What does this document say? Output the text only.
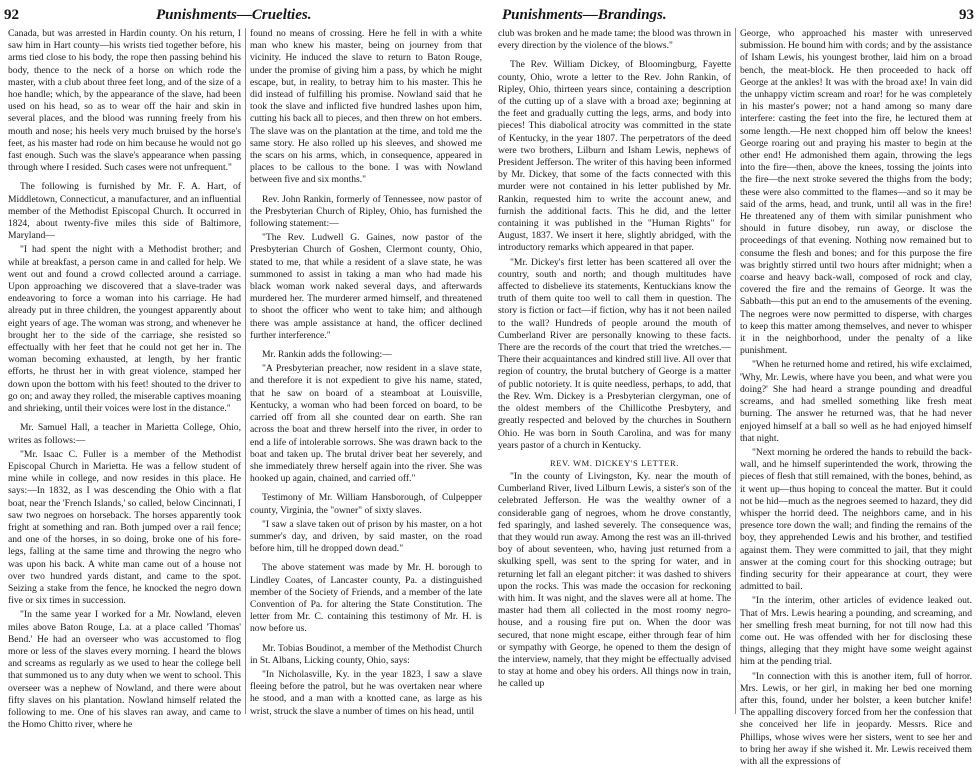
92	Punishments—Cruelties.

Canada, but was arrested in Hardin county. On his return, I saw him in Hart county—his wrists tied together before, his arms tied close to his body, the rope then passing behind his body, thence to the neck of a horse on which rode the master, with a club about three feet long, and of the size of a hoe handle; which, by the appearance of the slave, had been used on his head, so as to wear off the hair and skin in several places, and the blood was running freely from his mouth and nose; his heels very much bruised by the horse's feet, as his master had rode on him because he would not go fast enough. Such was the slave's appearance when passing through where I resided. Such cases were not unfrequent."

The following is furnished by Mr. F. A. Hart, of Middletown, Connecticut, a manufacturer, and an influential member of the Methodist Episcopal Church. It occurred in 1824, about twenty-five miles this side of Baltimore, Maryland—

"I had spent the night with a Methodist brother; and while at breakfast, a person came in and called for help. We went out and found a crowd collected around a carriage. Upon approaching we discovered that a slave-trader was endeavoring to force a woman into his carriage. He had already put in three children, the youngest apparently about eight years of age. The woman was strong, and whenever he brought her to the side of the carriage, she resisted so effectually with her feet that he could not get her in. The woman becoming exhausted, at length, by her frantic efforts, he thrust her in with great violence, stamped her down upon the bottom with his feet! shouted to the driver to go on; and away they rolled, the miserable captives moaning and shrieking, until their voices were lost in the distance."

Mr. Samuel Hall, a teacher in Marietta College, Ohio, writes as follows:—

"Mr. Isaac C. Fuller is a member of the Methodist Episcopal Church in Marietta. He was a fellow student of mine while in college, and now resides in this place. He says:—In 1832, as I was descending the Ohio with a flat boat, near the 'French Islands,' so called, below Cincinnati, I saw two negroes on horseback. The horses apparently took fright at something and ran. Both jumped over a rail fence; and one of the horses, in so doing, broke one of his fore-legs, falling at the same time and throwing the negro who was upon his back. A white man came out of a house not over two hundred yards distant, and came to the spot. Seizing a stake from the fence, he knocked the negro down five or six times in succession.

"In the same year I worked for a Mr. Nowland, eleven miles above Baton Rouge, La. at a place called 'Thomas' Bend.' He had an overseer who was accustomed to flog more or less of the slaves every morning. I heard the blows and screams as regularly as we used to hear the college bell that summoned us to any duty when we went to school. This overseer was a nephew of Nowland, and there were about fifty slaves on his plantation. Nowland himself related the following to me. One of his slaves ran away, and came to the Homo Chitto river, where he

found no means of crossing. Here he fell in with a white man who knew his master, being on journey from that vicinity. He induced the slave to return to Baton Rouge, under the promise of giving him a pass, by which he might escape, but, in reality, to betray him to his master. This he did instead of fulfilling his promise. Nowland said that he took the slave and inflicted five hundred lashes upon him, cutting his back all to pieces, and then threw on hot embers. The slave was on the plantation at the time, and told me the same story. He also rolled up his sleeves, and showed me the scars on his arms, which, in consequence, appeared in places to be callous to the bone. I was with Nowland between five and six months."

Rev. John Rankin, formerly of Tennessee, now pastor of the Presbyterian Church of Ripley, Ohio, has furnished the following statement:—

"The Rev. Ludwell G. Gaines, now pastor of the Presbyterian Church of Goshen, Clermont county, Ohio, stated to me, that while a resident of a slave state, he was summoned to assist in taking a man who had made his black woman work naked several days, and afterwards murdered her. The murderer armed himself, and threatened to shoot the officer who went to take him; and although there was ample assistance at hand, the officer declined further interference."

Mr. Rankin adds the following:—

"A Presbyterian preacher, now resident in a slave state, and therefore it is not expedient to give his name, stated, that he saw on board of a steamboat at Louisville, Kentucky, a woman who had been forced on board, to be carried off from all she counted dear on earth. She ran across the boat and threw herself into the river, in order to end a life of intolerable sorrows. She was drawn back to the boat and taken up. The brutal driver beat her severely, and she immediately threw herself again into the river. She was hooked up again, chained, and carried off."

Testimony of Mr. William Hansborough, of Culpepper county, Virginia, the "owner" of sixty slaves.

"I saw a slave taken out of prison by his master, on a hot summer's day, and driven, by said master, on the road before him, till he dropped down dead."

The above statement was made by Mr. H. borough to Lindley Coates, of Lancaster county, Pa. a distinguished member of the Society of Friends, and a member of the late Convention of Pa. for altering the State Constitution. The letter from Mr. C. containing this testimony of Mr. H. is now before us.

Mr. Tobias Boudinot, a member of the Methodist Church in St. Albans, Licking county, Ohio, says:

"In Nicholasville, Ky. in the year 1823, I saw a slave fleeing before the patrol, but he was overtaken near where he stood, and a man with a knotted cane, as large as his wrist, struck the slave a number of times on his head, until

Punishments—Brandings.	93

club was broken and he made tame; the blood was thrown in every direction by the violence of the blows."

The Rev. William Dickey, of Bloomingburg, Fayette county, Ohio, wrote a letter to the Rev. John Rankin, of Ripley, Ohio, thirteen years since, containing a description of the cutting up of a slave with a broad axe; beginning at the feet and gradually cutting the legs, arms, and body into pieces! This diabolical atrocity was committed in the state of Kentucky, in the year 1807. The perpetrators of the deed were two brothers, Lilburn and Isham Lewis, nephews of President Jefferson. The writer of this having been informed by Mr. Dickey, that some of the facts connected with this murder were not contained in his letter published by Mr. Rankin, requested him to write the account anew, and furnish the additional facts. This he did, and the letter containing it was published in the "Human Rights" for August, 1837. We insert it here, slightly abridged, with the introductory remarks which appeared in that paper.

"Mr. Dickey's first letter has been scattered all over the country, south and north; and though multitudes have affected to disbelieve its statements, Kentuckians know the truth of them quite too well to call them in question. The story is fiction or fact—if fiction, why has it not been nailed to the wall? Hundreds of people around the mouth of Cumberland River are personally knowing to these facts. There are the records of the court that tried the wretches.—There their acquaintances and kindred still live. All over that region of country, the brutal butchery of George is a matter of public notoriety. It is quite needless, perhaps, to add, that the Rev. Wm. Dickey is a Presbyterian clergyman, one of the oldest members of the Chillicothe Presbytery, and greatly respected and beloved by the churches in Southern Ohio. He was born in South Carolina, and was for many years pastor of a church in Kentucky.

REV. WM. DICKEY'S LETTER.

"In the county of Livingston, Ky. near the mouth of Cumberland River, lived Lilburn Lewis, a sister's son of the celebrated Jefferson. He was the wealthy owner of a considerable gang of negroes, whom he drove constantly, fed sparingly, and lashed severely. The consequence was, that they would run away. Among the rest was an ill-thrived boy of about seventeen, who, having just returned from a skulking spell, was sent to the spring for water, and in returning let fall an elegant pitcher: it was dashed to shivers upon the rocks. This was made the occasion for reckoning with him. It was night, and the slaves were all at home. The master had them all collected in the most roomy negro-house, and a rousing fire put on. When the door was secured, that none might escape, either through fear of him or sympathy with George, he opened to them the design of the interview, namely, that they might be effectually advised to stay at home and obey his orders. All things now in train, he called up

George, who approached his master with unreserved submission. He bound him with cords; and by the assistance of Isham Lewis, his youngest brother, laid him on a broad bench, the meat-block. He then proceeded to hack off George at the ankles! It was with the broad axe! In vain did the unhappy victim scream and roar! for he was completely in his master's power; not a hand among so many dare interfere: casting the feet into the fire, he lectured them at some length.—He next chopped him off below the knees! George roaring out and praying his master to begin at the other end! He admonished them again, throwing the legs into the fire—then, above the knees, tossing the joints into the fire—the next stroke severed the thighs from the body; these were also committed to the flames—and so it may be said of the arms, head, and trunk, until all was in the fire! He threatened any of them with similar punishment who should in future disobey, run away, or disclose the proceedings of that evening. Nothing now remained but to consume the flesh and bones; and for this purpose the fire was brightly stirred until two hours after midnight; when a coarse and heavy back-wall, composed of rock and clay, covered the fire and the remains of George. It was the Sabbath—this put an end to the amusements of the evening. The negroes were now permitted to disperse, with charges to keep this matter among themselves, and never to whisper it in the neighborhood, under the penalty of a like punishment.

"When he returned home and retired, his wife exclaimed, 'Why, Mr. Lewis, where have you been, and what were you doing?' She had heard a strange pounding and dreadful screams, and had smelled something like fresh meat burning. The answer he returned was, that he had never enjoyed himself at a ball so well as he had enjoyed himself that night.

"Next morning he ordered the hands to rebuild the back-wall, and he himself superintended the work, throwing the pieces of flesh that still remained, with the bones, behind, as it went up—thus hoping to conceal the matter. But it could not be hid—much as the negroes seemed to hazard, they did whisper the horrid deed. The neighbors came, and in his presence tore down the wall; and finding the remains of the boy, they apprehended Lewis and his brother, and testified against them. They were committed to jail, that they might answer at the coming court for this shocking outrage; but finding security for their appearance at court, they were admitted to bail.

"In the interim, other articles of evidence leaked out. That of Mrs. Lewis hearing a pounding, and screaming, and her smelling fresh meat burning, for not till now had this come out. He was offended with her for disclosing these things, alleging that they might have some weight against him at the pending trial.

"In connection with this is another item, full of horror. Mrs. Lewis, or her girl, in making her bed one morning after this, found, under her bolster, a keen butcher knife! The appalling discovery forced from her the confession that she conceived her life in jeopardy. Messrs. Rice and Phillips, whose wives were her sisters, went to see her and to bring her away if she wished it. Mr. Lewis received them with all the expressions of
